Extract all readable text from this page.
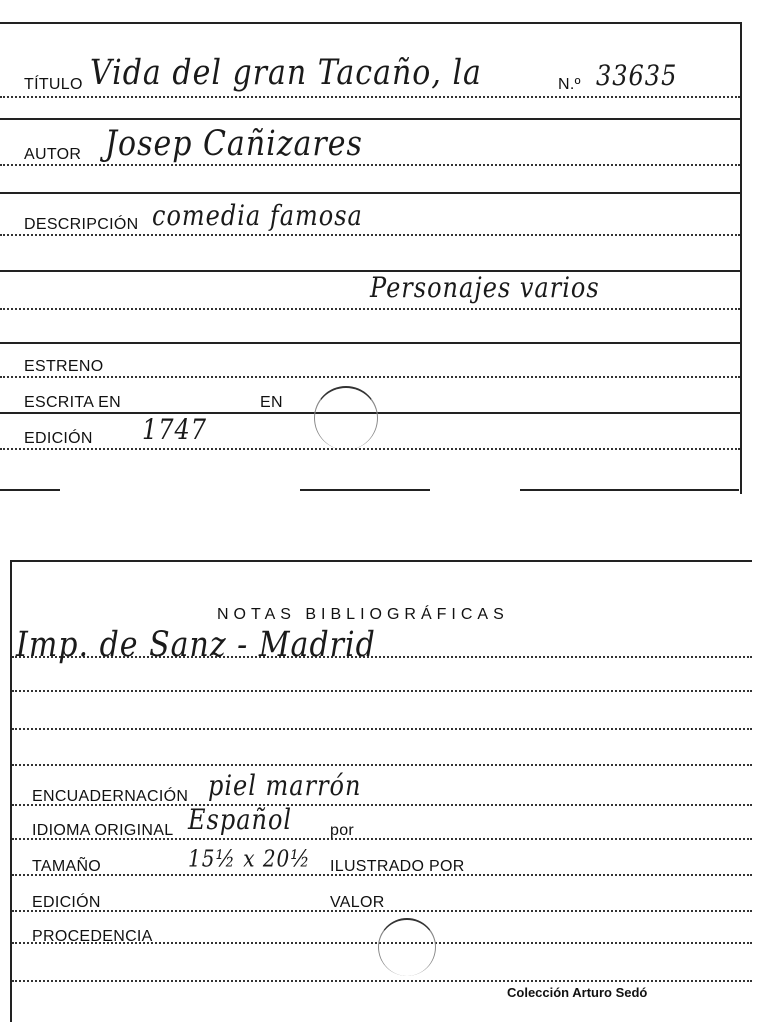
TÍTULO Vida del gran Tacaño, la	N.º 33635
AUTOR Josep Cañizares
DESCRIPCIÓN comedia famosa
Personajes varios
ESTRENO
ESCRITA EN	EN
EDICIÓN 1747
NOTAS BIBLIOGRÁFICAS
Imp. de Sanz - Madrid
ENCUADERNACIÓN piel marrón
IDIOMA ORIGINAL Español por
TAMAÑO	15½ x 20½ ILUSTRADO POR
EDICIÓN	VALOR
PROCEDENCIA
Colección Arturo Sedó
